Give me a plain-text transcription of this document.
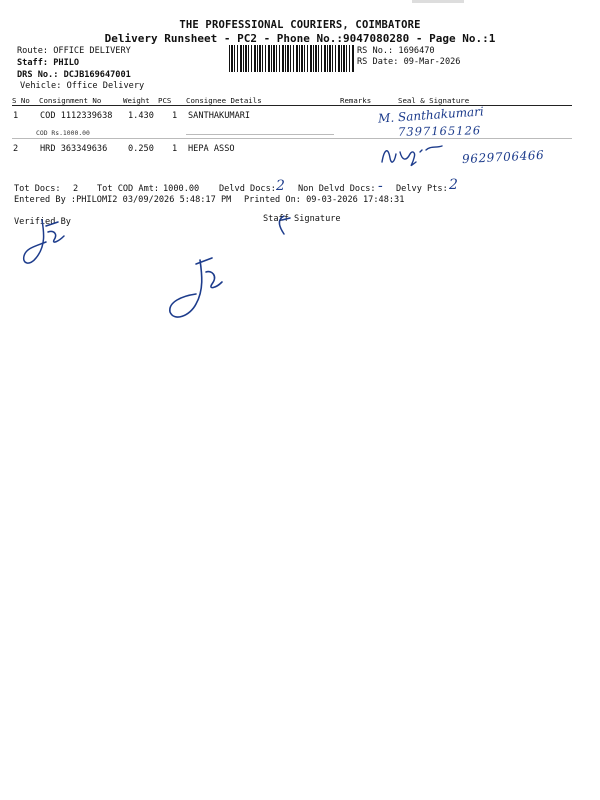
THE PROFESSIONAL COURIERS, COIMBATORE
Delivery Runsheet - PC2 - Phone No.:9047080280 - Page No.:1
Route: OFFICE DELIVERY
Staff: PHILO
DRS No.: DCJB169647001
Vehicle: Office Delivery
RS No.: 1696470
RS Date: 09-Mar-2026
S No Consignment No	Weight PCS Consignee Details	Remarks	Seal & Signature
1	COD 1112339638 1.430 1 SANTHAKUMARI
COD Rs.1000.00
M. Santhakumari
7397165126
2	HRD 363349636 0.250 1 HEPA ASSO	9629706466
Tot Docs: 2 Tot COD Amt: 1000.00 Delvd Docs: 2 Non Delvd Docs: - Delvy Pts: 2
Entered By :PHILOMI2 03/09/2026 5:48:17 PM Printed On: 09-03-2026 17:48:31
Verified By	Staff Signature
